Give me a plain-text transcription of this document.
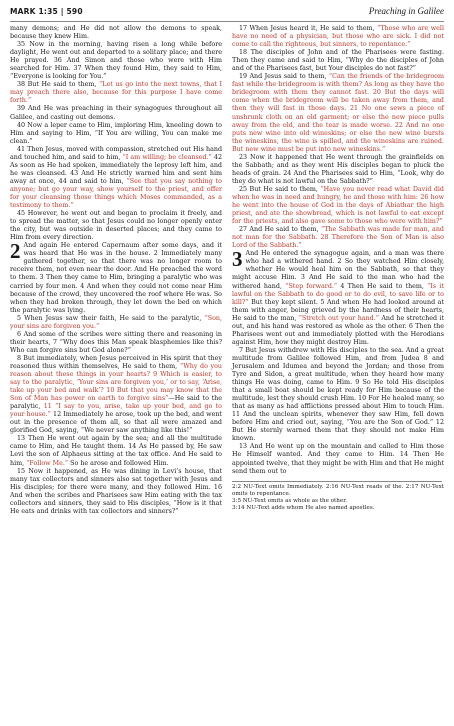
MARK 1:35 | 590	Preaching in Galilee

many demons; and He did not allow the demons to speak, because they knew Him.

35 Now in the morning, having risen a long while before daylight, He went out and departed to a solitary place; and there He prayed. 36 And Simon and those who were with Him searched for Him. 37 When they found Him, they said to Him, “Everyone is looking for You.”

38 But He said to them, “Let us go into the next towns, that I may preach there also, because for this purpose I have come forth.”

39 And He was preaching in their synagogues throughout all Galilee, and casting out demons.

40 Now a leper came to Him, imploring Him, kneeling down to Him and saying to Him, “If You are willing, You can make me clean.”

41 Then Jesus, moved with compassion, stretched out His hand and touched him, and said to him, “I am willing; be cleansed.” 42 As soon as He had spoken, immediately the leprosy left him, and he was cleansed. 43 And He strictly warned him and sent him away at once, 44 and said to him, “See that you say nothing to anyone; but go your way, show yourself to the priest, and offer for your cleansing those things which Moses commanded, as a testimony to them.”

45 However, he went out and began to proclaim it freely, and to spread the matter, so that Jesus could no longer openly enter the city, but was outside in deserted places; and they came to Him from every direction.

2 And again He entered Capernaum after some days, and it was heard that He was in the house. 2 Immediately many gathered together, so that there was no longer room to receive them, not even near the door. And He preached the word to them. 3 Then they came to Him, bringing a paralytic who was carried by four men. 4 And when they could not come near Him because of the crowd, they uncovered the roof where He was. So when they had broken through, they let down the bed on which the paralytic was lying.

5 When Jesus saw their faith, He said to the paralytic, “Son, your sins are forgiven you.”

6 And some of the scribes were sitting there and reasoning in their hearts, 7 “Why does this Man speak blasphemies like this? Who can forgive sins but God alone?”

8 But immediately, when Jesus perceived in His spirit that they reasoned thus within themselves, He said to them, “Why do you reason about these things in your hearts? 9 Which is easier, to say to the paralytic, ‘Your sins are forgiven you,’ or to say, ‘Arise, take up your bed and walk’? 10 But that you may know that the Son of Man has power on earth to forgive sins”—He said to the paralytic, 11 “I say to you, arise, take up your bed, and go to your house.” 12 Immediately he arose, took up the bed, and went out in the presence of them all, so that all were amazed and glorified God, saying, “We never saw anything like this!”

13 Then He went out again by the sea; and all the multitude came to Him, and He taught them. 14 As He passed by, He saw Levi the son of Alphaeus sitting at the tax office. And He said to him, “Follow Me.” So he arose and followed Him.

15 Now it happened, as He was dining in Levi’s house, that many tax collectors and sinners also sat together with Jesus and His disciples; for there were many, and they followed Him. 16 And when the scribes and Pharisees saw Him eating with the tax collectors and sinners, they said to His disciples, “How is it that He eats and drinks with tax collectors and sinners?”

17 When Jesus heard it, He said to them, “Those who are well have no need of a physician, but those who are sick. I did not come to call the righteous, but sinners, to repentance.”

18 The disciples of John and of the Pharisees were fasting. Then they came and said to Him, “Why do the disciples of John and of the Pharisees fast, but Your disciples do not fast?”

19 And Jesus said to them, “Can the friends of the bridegroom fast while the bridegroom is with them? As long as they have the bridegroom with them they cannot fast. 20 But the days will come when the bridegroom will be taken away from them, and then they will fast in those days. 21 No one sews a piece of unshrunk cloth on an old garment; or else the new piece pulls away from the old, and the tear is made worse. 22 And no one puts new wine into old wineskins; or else the new wine bursts the wineskins, the wine is spilled, and the wineskins are ruined. But new wine must be put into new wineskins.”

23 Now it happened that He went through the grainfields on the Sabbath; and as they went His disciples began to pluck the heads of grain. 24 And the Pharisees said to Him, “Look, why do they do what is not lawful on the Sabbath?”

25 But He said to them, “Have you never read what David did when he was in need and hungry, he and those with him: 26 how he went into the house of God in the days of Abiathar the high priest, and ate the showbread, which is not lawful to eat except for the priests, and also gave some to those who were with him?”

27 And He said to them, “The Sabbath was made for man, and not man for the Sabbath. 28 Therefore the Son of Man is also Lord of the Sabbath.”

3 And He entered the synagogue again, and a man was there who had a withered hand. 2 So they watched Him closely, whether He would heal him on the Sabbath, so that they might accuse Him. 3 And He said to the man who had the withered hand, “Step forward.” 4 Then He said to them, “Is it lawful on the Sabbath to do good or to do evil, to save life or to kill?” But they kept silent. 5 And when He had looked around at them with anger, being grieved by the hardness of their hearts, He said to the man, “Stretch out your hand.” And he stretched it out, and his hand was restored as whole as the other. 6 Then the Pharisees went out and immediately plotted with the Herodians against Him, how they might destroy Him.

7 But Jesus withdrew with His disciples to the sea. And a great multitude from Galilee followed Him, and from Judea 8 and Jerusalem and Idumea and beyond the Jordan; and those from Tyre and Sidon, a great multitude, when they heard how many things He was doing, came to Him. 9 So He told His disciples that a small boat should be kept ready for Him because of the multitude, lest they should crush Him. 10 For He healed many, so that as many as had afflictions pressed about Him to touch Him. 11 And the unclean spirits, whenever they saw Him, fell down before Him and cried out, saying, “You are the Son of God.” 12 But He sternly warned them that they should not make Him known.

13 And He went up on the mountain and called to Him those He Himself wanted. And they came to Him. 14 Then He appointed twelve, that they might be with Him and that He might send them out to

2:2 NU-Text omits Immediately. 2:16 NU-Text reads of the. 2:17 NU-Text omits to repentance.

3:5 NU-Text omits as whole as the other.

3:14 NU-Text adds whom He also named apostles.
